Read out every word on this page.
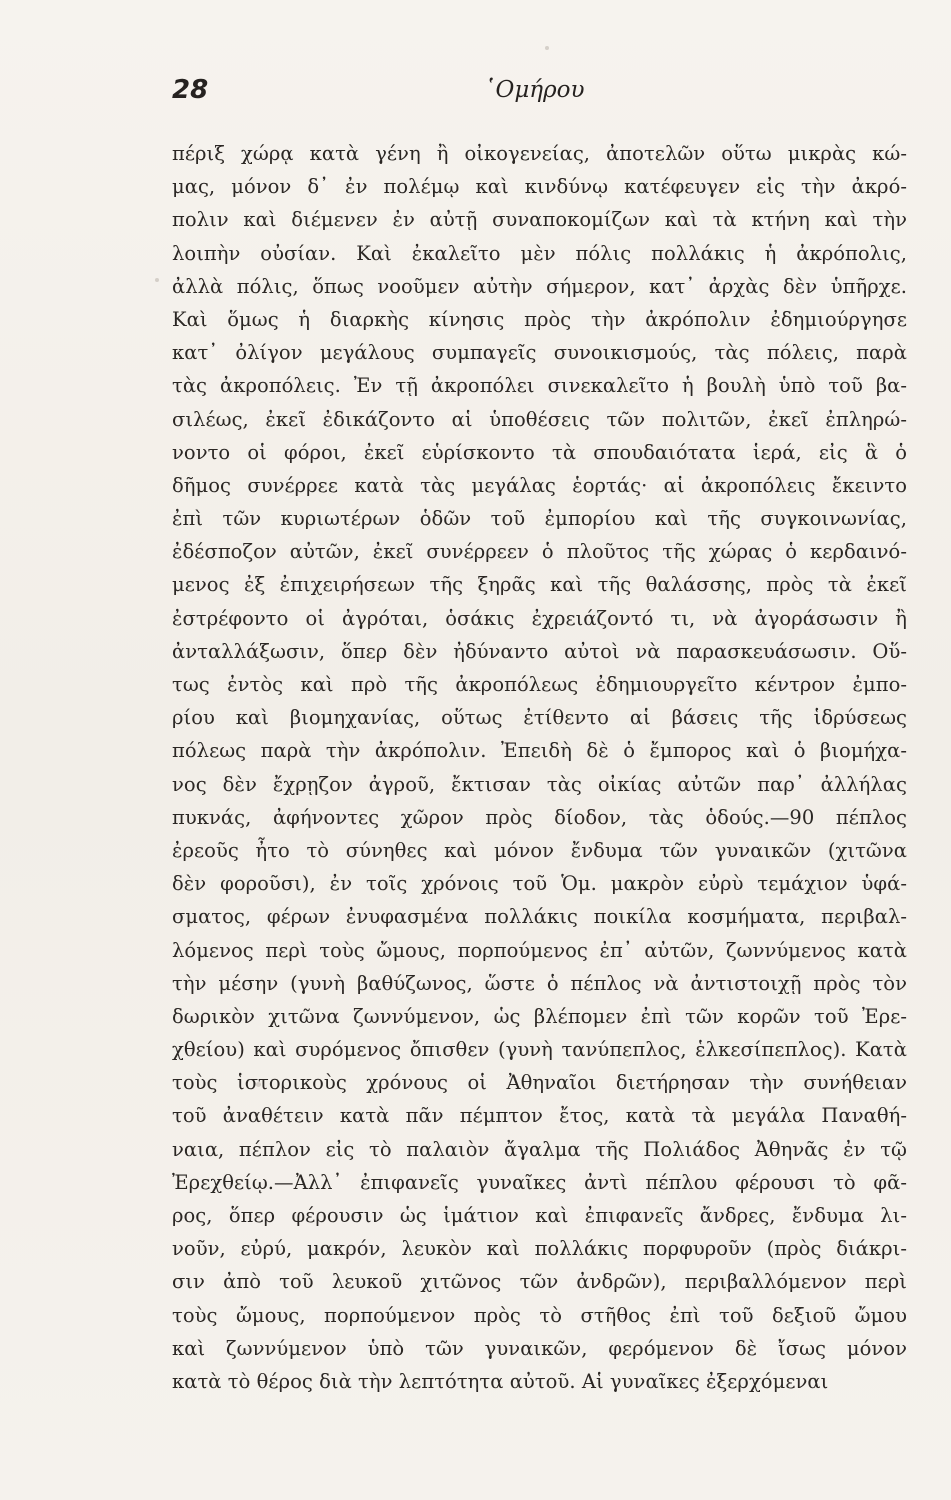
28	῾Ομήρου
πέριξ χώρᾳ κατὰ γένη ἢ οἰκογενείας, ἀποτελῶν οὕτω μικρὰς κώ-
μας, μόνον δ᾽ ἐν πολέμῳ καὶ κινδύνῳ κατέφευγεν εἰς τὴν ἀκρό-
πολιν καὶ διέμενεν ἐν αὐτῇ συναποκομίζων καὶ τὰ κτήνη καὶ τὴν
λοιπὴν οὐσίαν. Καὶ ἐκαλεῖτο μὲν πόλις πολλάκις ἡ ἀκρόπολις,
ἀλλὰ πόλις, ὅπως νοοῦμεν αὐτὴν σήμερον, κατ᾽ ἀρχὰς δὲν ὑπῆρχε.
Καὶ ὅμως ἡ διαρκὴς κίνησις πρὸς τὴν ἀκρόπολιν ἐδημιούργησε
κατ᾽ ὀλίγον μεγάλους συμπαγεῖς συνοικισμούς, τὰς πόλεις, παρὰ
τὰς ἀκροπόλεις. Ἐν τῇ ἀκροπόλει σινεκαλεῖτο ἡ βουλὴ ὑπὸ τοῦ βα-
σιλέως, ἐκεῖ ἐδικάζοντο αἱ ὑποθέσεις τῶν πολιτῶν, ἐκεῖ ἐπληρώ-
νοντο οἱ φόροι, ἐκεῖ εὑρίσκοντο τὰ σπουδαιότατα ἱερά, εἰς ἃ ὁ
δῆμος συνέρρεε κατὰ τὰς μεγάλας ἑορτάς· αἱ ἀκροπόλεις ἔκειντο
ἐπὶ τῶν κυριωτέρων ὁδῶν τοῦ ἐμπορίου καὶ τῆς συγκοινωνίας,
ἐδέσποζον αὐτῶν, ἐκεῖ συνέρρεεν ὁ πλοῦτος τῆς χώρας ὁ κερδαινό-
μενος ἐξ ἐπιχειρήσεων τῆς ξηρᾶς καὶ τῆς θαλάσσης, πρὸς τὰ ἐκεῖ
ἐστρέφοντο οἱ ἀγρόται, ὁσάκις ἐχρειάζοντό τι, νὰ ἀγοράσωσιν ἢ
ἀνταλλάξωσιν, ὅπερ δὲν ἠδύναντο αὐτοὶ νὰ παρασκευάσωσιν. Οὕ-
τως ἐντὸς καὶ πρὸ τῆς ἀκροπόλεως ἐδημιουργεῖτο κέντρον ἐμπο-
ρίου καὶ βιομηχανίας, οὕτως ἐτίθεντο αἱ βάσεις τῆς ἱδρύσεως
πόλεως παρὰ τὴν ἀκρόπολιν. Ἐπειδὴ δὲ ὁ ἔμπορος καὶ ὁ βιομήχα-
νος δὲν ἔχρῃζον ἀγροῦ, ἔκτισαν τὰς οἰκίας αὐτῶν παρ᾽ ἀλλήλας
πυκνάς, ἀφήνοντες χῶρον πρὸς δίοδον, τὰς ὁδούς.—90 πέπλος
ἐρεοῦς ἦτο τὸ σύνηθες καὶ μόνον ἔνδυμα τῶν γυναικῶν (χιτῶνα
δὲν φοροῦσι), ἐν τοῖς χρόνοις τοῦ Ὁμ. μακρὸν εὐρὺ τεμάχιον ὑφά-
σματος, φέρων ἐνυφασμένα πολλάκις ποικίλα κοσμήματα, περιβαλ-
λόμενος περὶ τοὺς ὤμους, πορπούμενος ἐπ᾽ αὐτῶν, ζωννύμενος κατὰ
τὴν μέσην (γυνὴ βαθύζωνος, ὥστε ὁ πέπλος νὰ ἀντιστοιχῇ πρὸς τὸν
δωρικὸν χιτῶνα ζωννύμενον, ὡς βλέπομεν ἐπὶ τῶν κορῶν τοῦ Ἐρε-
χθείου) καὶ συρόμενος ὄπισθεν (γυνὴ τανύπεπλος, ἑλκεσίπεπλος). Κατὰ
τοὺς ἱστορικοὺς χρόνους οἱ Ἀθηναῖοι διετήρησαν τὴν συνήθειαν
τοῦ ἀναθέτειν κατὰ πᾶν πέμπτον ἔτος, κατὰ τὰ μεγάλα Παναθή-
ναια, πέπλον εἰς τὸ παλαιὸν ἄγαλμα τῆς Πολιάδος Ἀθηνᾶς ἐν τῷ
Ἐρεχθείῳ.—Ἀλλ᾽ ἐπιφανεῖς γυναῖκες ἀντὶ πέπλου φέρουσι τὸ φᾶ-
ρος, ὅπερ φέρουσιν ὡς ἱμάτιον καὶ ἐπιφανεῖς ἄνδρες, ἔνδυμα λι-
νοῦν, εὐρύ, μακρόν, λευκὸν καὶ πολλάκις πορφυροῦν (πρὸς διάκρι-
σιν ἀπὸ τοῦ λευκοῦ χιτῶνος τῶν ἀνδρῶν), περιβαλλόμενον περὶ
τοὺς ὤμους, πορπούμενον πρὸς τὸ στῆθος ἐπὶ τοῦ δεξιοῦ ὤμου
καὶ ζωννύμενον ὑπὸ τῶν γυναικῶν, φερόμενον δὲ ἴσως μόνον
κατὰ τὸ θέρος διὰ τὴν λεπτότητα αὐτοῦ. Αἱ γυναῖκες ἐξερχόμεναι
